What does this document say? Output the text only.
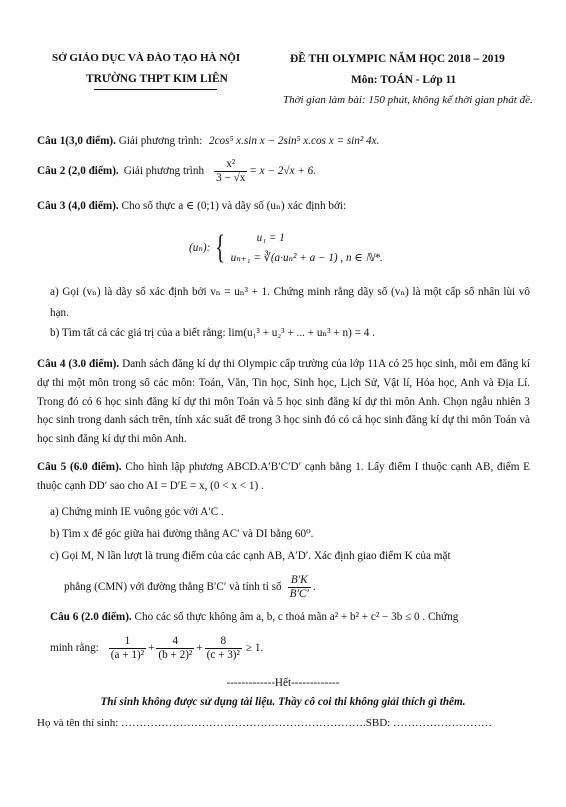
SỞ GIÁO DỤC VÀ ĐÀO TẠO HÀ NỘI
TRƯỜNG THPT KIM LIÊN
ĐỀ THI OLYMPIC NĂM HỌC 2018 – 2019
Môn: TOÁN - Lớp 11
Thời gian làm bài: 150 phút, không kể thời gian phát đề.
Câu 1(3,0 điểm). Giải phương trình: 2cos⁵ x.sin x − 2sin⁵ x.cos x = sin² 4x.
Câu 2 (2,0 điểm). Giải phương trình $\frac{\text{x²}}{3 - √x} = x - 2√x + 6$.
Câu 3 (4,0 điểm). Cho số thực a ∈ (0;1) và dãy số (uₙ) xác định bởi:
(uₙ): {	u₁ = 1
uₙ₊₁ = ∛(a·uₙ² + a − 1) , n ∈ ℕ*.
a) Gọi (vₙ) là dãy số xác định bởi vₙ = uₙ³ + 1. Chứng minh rằng dãy số (vₙ) là một cấp số nhân lùi vô hạn.
b) Tìm tất cả các giá trị của a biết rằng: lim(u₁³ + u₂³ + ... + uₙ³ + n) = 4 .
Câu 4 (3.0 điểm). Danh sách đăng kí dự thi Olympic cấp trường của lớp 11A có 25 học sinh, mỗi em đăng kí dự thi một môn trong số các môn: Toán, Văn, Tin học, Sinh học, Lịch Sử, Vật lí, Hóa học, Anh và Địa Lí. Trong đó có 6 học sinh đăng kí dự thi môn Toán và 5 học sinh đăng kí dự thi môn Anh. Chọn ngẫu nhiên 3 học sinh trong danh sách trên, tính xác suất để trong 3 học sinh đó có cả học sinh đăng kí dự thi môn Toán và học sinh đăng kí dự thi môn Anh.
Câu 5 (6.0 điểm). Cho hình lập phương ABCD.A′B′C′D′ cạnh bằng 1. Lấy điểm I thuộc cạnh AB, điểm E thuộc cạnh DD′ sao cho AI = D′E = x, (0 < x < 1) .
a) Chứng minh IE vuông góc với A′C .
b) Tìm x để góc giữa hai đường thẳng AC′ và DI bằng 60⁰.
c) Gọi M, N lần lượt là trung điểm của các cạnh AB, A′D′. Xác định giao điểm K của mặt
phẳng (CMN) với đường thẳng B′C′ và tính tỉ số $\frac{B'K}{B'C'}$ .
Câu 6 (2.0 điểm). Cho các số thực không âm a, b, c thoả mãn a² + b² + c² − 3b ≤ 0 . Chứng
minh rằng: $\frac{1}{\text{(a + 1)²}} + \frac{4}{\text{(b + 2)²}} + \frac{8}{\text{(c + 3)²}} \ge 1$.
-------------Hết-------------
Thí sinh không được sử dụng tài liệu. Thầy cô coi thi không giải thích gì thêm.
Họ và tên thí sinh: ………………………………………………………….SBD: ………………………
